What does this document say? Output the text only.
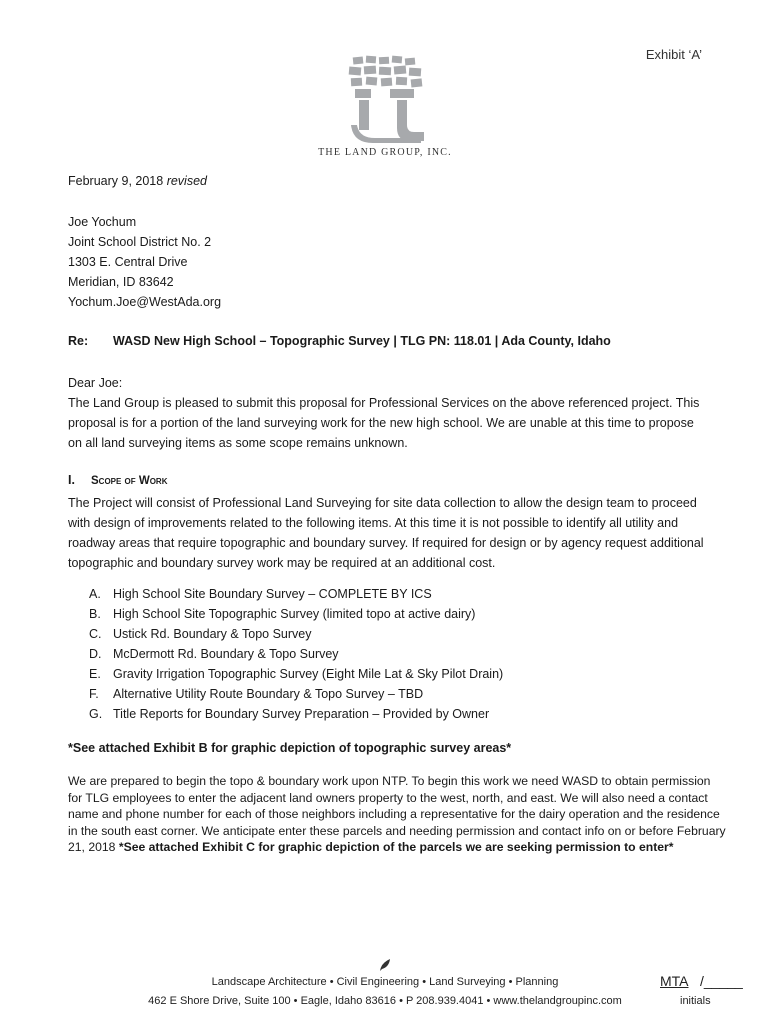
Exhibit ‘A’
THE LAND GROUP, INC.
February 9, 2018 revised
Joe Yochum
Joint School District No. 2
1303 E. Central Drive
Meridian, ID 83642
Yochum.Joe@WestAda.org
Re: WASD New High School – Topographic Survey | TLG PN: 118.01 | Ada County, Idaho
Dear Joe:
The Land Group is pleased to submit this proposal for Professional Services on the above referenced project. This proposal is for a portion of the land surveying work for the new high school. We are unable at this time to propose on all land surveying items as some scope remains unknown.
I. Scope of Work
The Project will consist of Professional Land Surveying for site data collection to allow the design team to proceed with design of improvements related to the following items. At this time it is not possible to identify all utility and roadway areas that require topographic and boundary survey. If required for design or by agency request additional topographic and boundary survey work may be required at an additional cost.
A. High School Site Boundary Survey – COMPLETE BY ICS
B. High School Site Topographic Survey (limited topo at active dairy)
C. Ustick Rd. Boundary & Topo Survey
D. McDermott Rd. Boundary & Topo Survey
E. Gravity Irrigation Topographic Survey (Eight Mile Lat & Sky Pilot Drain)
F. Alternative Utility Route Boundary & Topo Survey – TBD
G. Title Reports for Boundary Survey Preparation – Provided by Owner
*See attached Exhibit B for graphic depiction of topographic survey areas*
We are prepared to begin the topo & boundary work upon NTP. To begin this work we need WASD to obtain permission for TLG employees to enter the adjacent land owners property to the west, north, and east. We will also need a contact name and phone number for each of those neighbors including a representative for the dairy operation and the residence in the south east corner. We anticipate enter these parcels and needing permission and contact info on or before February 21, 2018 *See attached Exhibit C for graphic depiction of the parcels we are seeking permission to enter*
Landscape Architecture • Civil Engineering • Land Surveying • Planning
462 E Shore Drive, Suite 100 • Eagle, Idaho 83616 • P 208.939.4041 • www.thelandgroupinc.com
MTA /_____
initials
